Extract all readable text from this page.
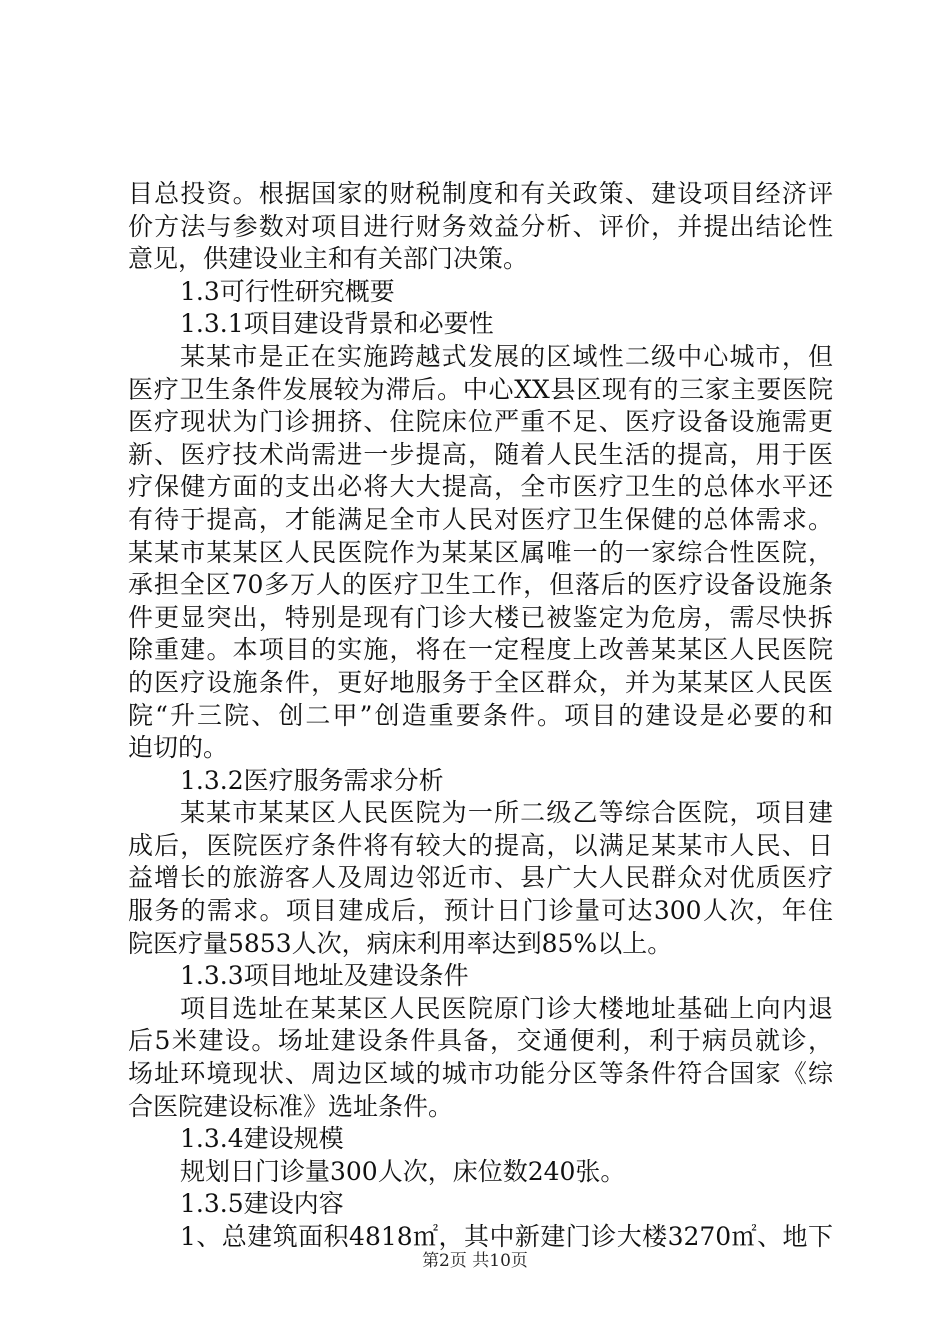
目总投资。根据国家的财税制度和有关政策、建设项目经济评
价方法与参数对项目进行财务效益分析、评价，并提出结论性
意见，供建设业主和有关部门决策。
1.3可行性研究概要
1.3.1项目建设背景和必要性
某某市是正在实施跨越式发展的区域性二级中心城市，但
医疗卫生条件发展较为滞后。中心XX县区现有的三家主要医院
医疗现状为门诊拥挤、住院床位严重不足、医疗设备设施需更
新、医疗技术尚需进一步提高，随着人民生活的提高，用于医
疗保健方面的支出必将大大提高，全市医疗卫生的总体水平还
有待于提高，才能满足全市人民对医疗卫生保健的总体需求。
某某市某某区人民医院作为某某区属唯一的一家综合性医院，
承担全区70多万人的医疗卫生工作，但落后的医疗设备设施条
件更显突出，特别是现有门诊大楼已被鉴定为危房，需尽快拆
除重建。本项目的实施，将在一定程度上改善某某区人民医院
的医疗设施条件，更好地服务于全区群众，并为某某区人民医
院“升三院、创二甲”创造重要条件。项目的建设是必要的和
迫切的。
1.3.2医疗服务需求分析
某某市某某区人民医院为一所二级乙等综合医院，项目建
成后，医院医疗条件将有较大的提高，以满足某某市人民、日
益增长的旅游客人及周边邻近市、县广大人民群众对优质医疗
服务的需求。项目建成后，预计日门诊量可达300人次，年住
院医疗量5853人次，病床利用率达到85%以上。
1.3.3项目地址及建设条件
项目选址在某某区人民医院原门诊大楼地址基础上向内退
后5米建设。场址建设条件具备，交通便利，利于病员就诊，
场址环境现状、周边区域的城市功能分区等条件符合国家《综
合医院建设标准》选址条件。
1.3.4建设规模
规划日门诊量300人次，床位数240张。
1.3.5建设内容
1、总建筑面积4818㎡，其中新建门诊大楼3270㎡、地下
第2页 共10页
